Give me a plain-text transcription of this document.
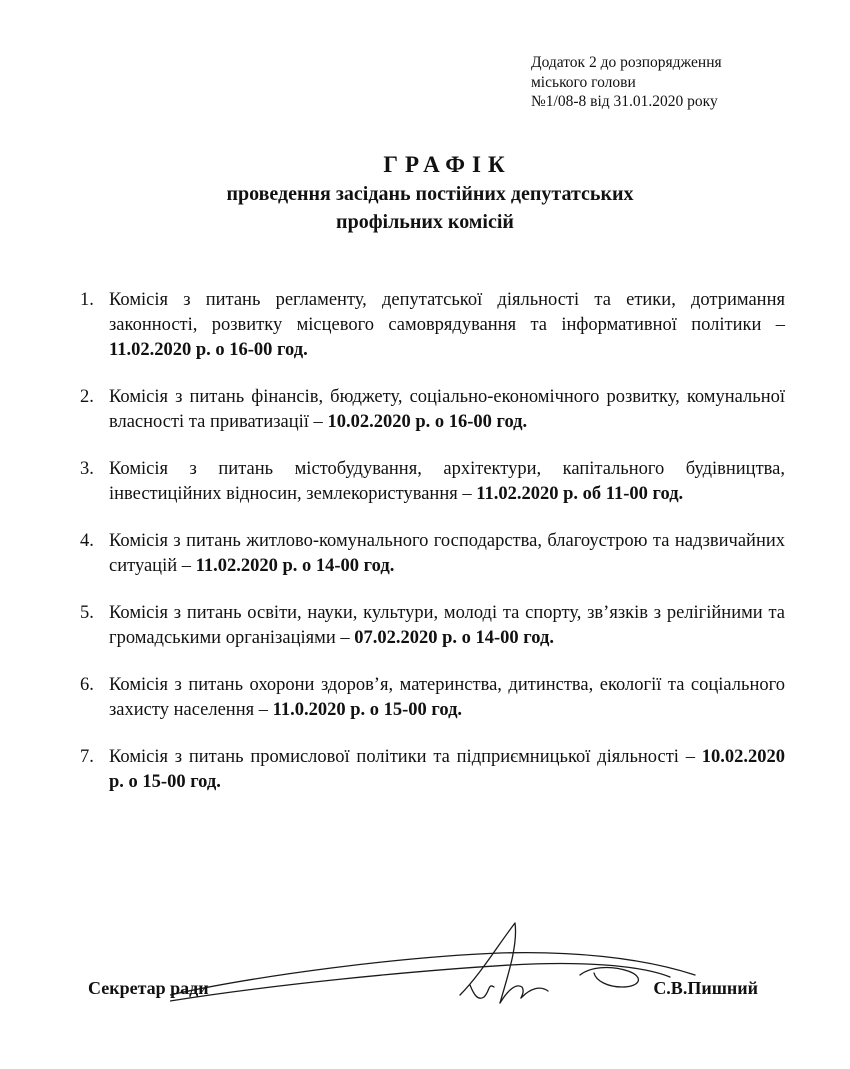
Додаток 2 до розпорядження
міського голови
№1/08-8 від 31.01.2020 року
ГРАФІК
проведення засідань постійних депутатських
профільних комісій
1. Комісія з питань регламенту, депутатської діяльності та етики, дотримання законності, розвитку місцевого самоврядування та інформативної політики – 11.02.2020 р. о 16-00 год.
2. Комісія з питань фінансів, бюджету, соціально-економічного розвитку, комунальної власності та приватизації – 10.02.2020 р. о 16-00 год.
3. Комісія з питань містобудування, архітектури, капітального будівництва, інвестиційних відносин, землекористування – 11.02.2020 р. об 11-00 год.
4. Комісія з питань житлово-комунального господарства, благоустрою та надзвичайних ситуацій – 11.02.2020 р. о 14-00 год.
5. Комісія з питань освіти, науки, культури, молоді та спорту, зв’язків з релігійними та громадськими організаціями – 07.02.2020 р. о 14-00 год.
6. Комісія з питань охорони здоров’я, материнства, дитинства, екології та соціального захисту населення – 11.0.2020 р. о 15-00 год.
7. Комісія з питань промислової політики та підприємницької діяльності – 10.02.2020 р. о 15-00 год.
Секретар ради	С.В.Пишний
